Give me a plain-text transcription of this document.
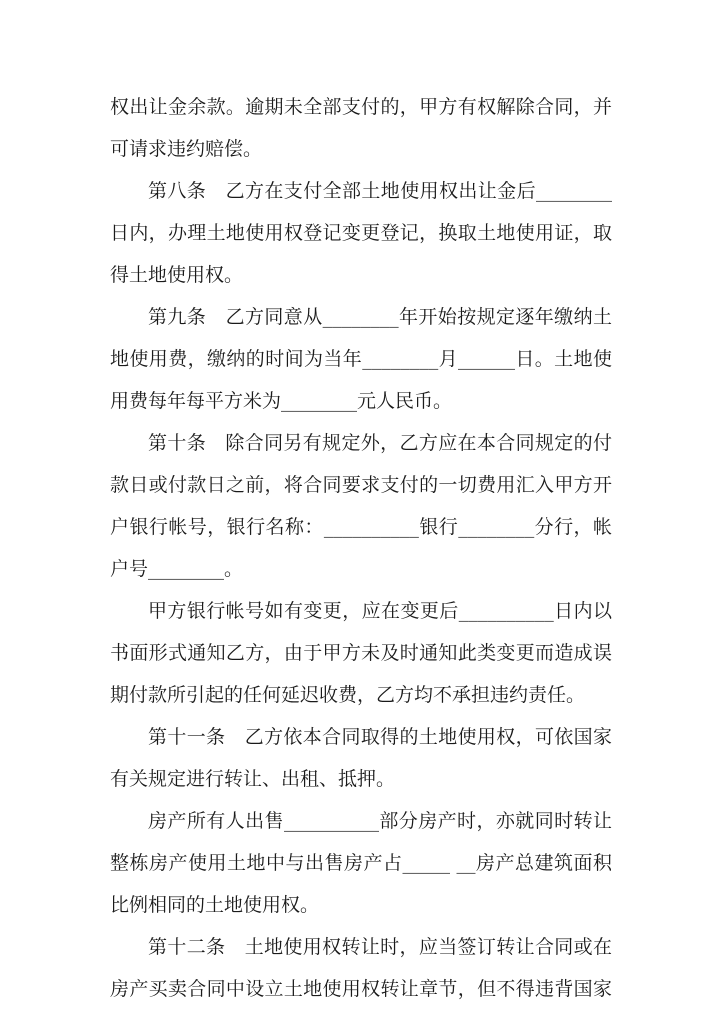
权出让金余款。逾期未全部支付的，甲方有权解除合同，并
可请求违约赔偿。
第八条　乙方在支付全部土地使用权出让金后________
日内，办理土地使用权登记变更登记，换取土地使用证，取
得土地使用权。
第九条　乙方同意从________年开始按规定逐年缴纳土
地使用费，缴纳的时间为当年________月______日。土地使
用费每年每平方米为________元人民币。
第十条　除合同另有规定外，乙方应在本合同规定的付
款日或付款日之前，将合同要求支付的一切费用汇入甲方开
户银行帐号，银行名称：__________银行________分行，帐
户号________。
甲方银行帐号如有变更，应在变更后__________日内以
书面形式通知乙方，由于甲方未及时通知此类变更而造成误
期付款所引起的任何延迟收费，乙方均不承担违约责任。
第十一条　乙方依本合同取得的土地使用权，可依国家
有关规定进行转让、出租、抵押。
房产所有人出售__________部分房产时，亦就同时转让
整栋房产使用土地中与出售房产占_____ __房产总建筑面积
比例相同的土地使用权。
第十二条　土地使用权转让时，应当签订转让合同或在
房产买卖合同中设立土地使用权转让章节，但不得违背国家
